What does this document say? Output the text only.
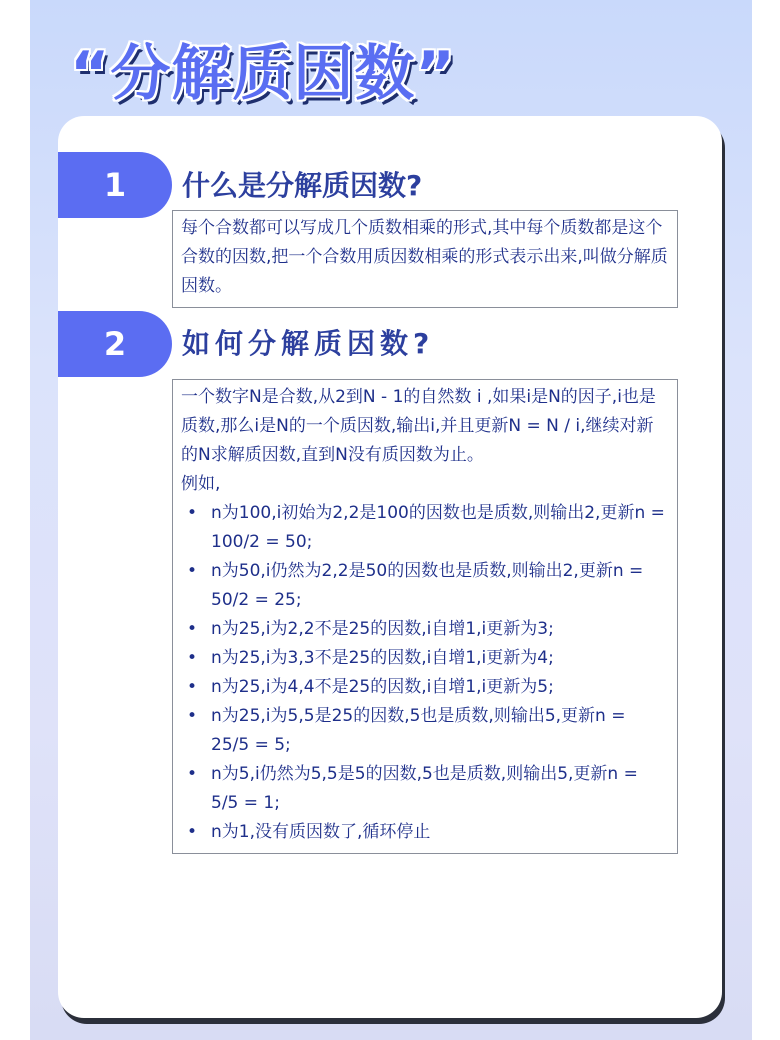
“分解质因数”
1	什么是分解质因数?

每个合数都可以写成几个质数相乘的形式,其中每个质数都是这个合数的因数,把一个合数用质因数相乘的形式表示出来,叫做分解质因数。

2	如何分解质因数?

一个数字N是合数,从2到N - 1的自然数 i ,如果i是N的因子,i也是质数,那么i是N的一个质因数,输出i,并且更新N = N / i,继续对新的N求解质因数,直到N没有质因数为止。

例如,

• n为100,i初始为2,2是100的因数也是质数,则输出2,更新n = 100/2 = 50;
• n为50,i仍然为2,2是50的因数也是质数,则输出2,更新n = 50/2 = 25;
• n为25,i为2,2不是25的因数,i自增1,i更新为3;
• n为25,i为3,3不是25的因数,i自增1,i更新为4;
• n为25,i为4,4不是25的因数,i自增1,i更新为5;
• n为25,i为5,5是25的因数,5也是质数,则输出5,更新n = 25/5 = 5;
• n为5,i仍然为5,5是5的因数,5也是质数,则输出5,更新n = 5/5 = 1;
• n为1,没有质因数了,循环停止
